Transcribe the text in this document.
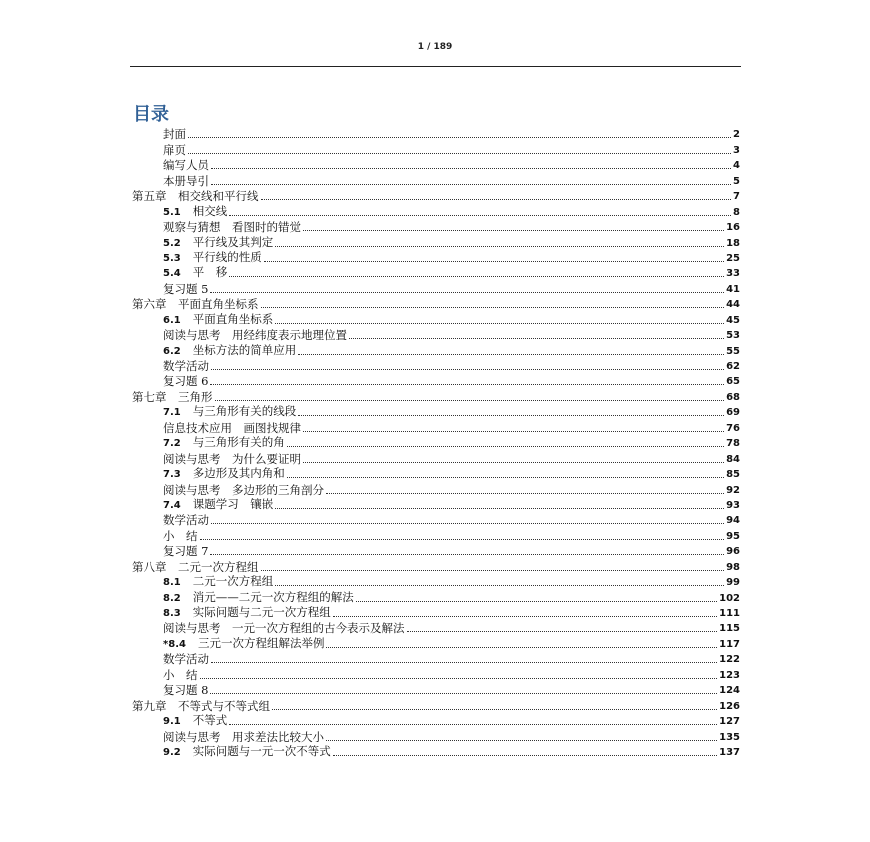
1 / 189
目录
封面	2
扉页	3
编写人员	4
本册导引	5
第五章　相交线和平行线	7
5.1 相交线	8
观察与猜想　看图时的错觉	16
5.2 平行线及其判定	18
5.3 平行线的性质	25
5.4 平　移	33
复习题 5	41
第六章　平面直角坐标系	44
6.1 平面直角坐标系	45
阅读与思考　用经纬度表示地理位置	53
6.2 坐标方法的简单应用	55
数学活动	62
复习题 6	65
第七章　三角形	68
7.1 与三角形有关的线段	69
信息技术应用　画图找规律	76
7.2 与三角形有关的角	78
阅读与思考　为什么要证明	84
7.3 多边形及其内角和	85
阅读与思考　多边形的三角剖分	92
7.4 课题学习　镶嵌	93
数学活动	94
小　结	95
复习题 7	96
第八章　二元一次方程组	98
8.1 二元一次方程组	99
8.2 消元——二元一次方程组的解法	102
8.3 实际问题与二元一次方程组	111
阅读与思考　一元一次方程组的古今表示及解法	115
*8.4 三元一次方程组解法举例	117
数学活动	122
小　结	123
复习题 8	124
第九章　不等式与不等式组	126
9.1 不等式	127
阅读与思考　用求差法比较大小	135
9.2 实际问题与一元一次不等式	137
